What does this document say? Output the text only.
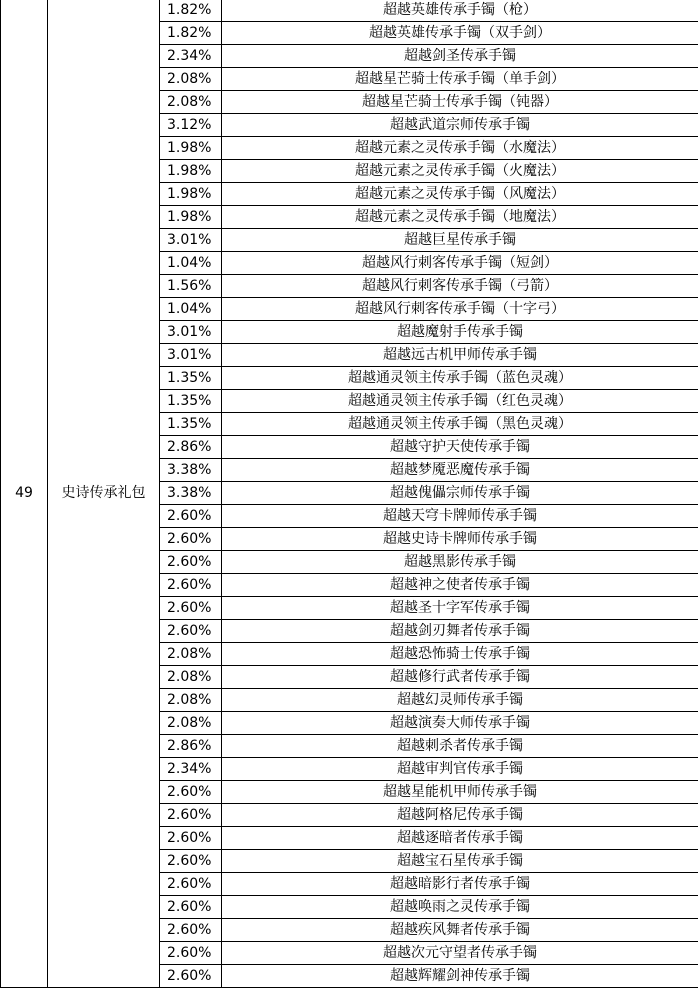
49	史诗传承礼包	1.82%	超越英雄传承手镯（枪）
		1.82%	超越英雄传承手镯（双手剑）
		2.34%	超越剑圣传承手镯
		2.08%	超越星芒骑士传承手镯（单手剑）
		2.08%	超越星芒骑士传承手镯（钝器）
		3.12%	超越武道宗师传承手镯
		1.98%	超越元素之灵传承手镯（水魔法）
		1.98%	超越元素之灵传承手镯（火魔法）
		1.98%	超越元素之灵传承手镯（风魔法）
		1.98%	超越元素之灵传承手镯（地魔法）
		3.01%	超越巨星传承手镯
		1.04%	超越风行刺客传承手镯（短剑）
		1.56%	超越风行刺客传承手镯（弓箭）
		1.04%	超越风行刺客传承手镯（十字弓）
		3.01%	超越魔射手传承手镯
		3.01%	超越远古机甲师传承手镯
		1.35%	超越通灵领主传承手镯（蓝色灵魂）
		1.35%	超越通灵领主传承手镯（红色灵魂）
		1.35%	超越通灵领主传承手镯（黑色灵魂）
		2.86%	超越守护天使传承手镯
		3.38%	超越梦魇恶魔传承手镯
		3.38%	超越傀儡宗师传承手镯
		2.60%	超越天穹卡牌师传承手镯
		2.60%	超越史诗卡牌师传承手镯
		2.60%	超越黑影传承手镯
		2.60%	超越神之使者传承手镯
		2.60%	超越圣十字军传承手镯
		2.60%	超越剑刃舞者传承手镯
		2.08%	超越恐怖骑士传承手镯
		2.08%	超越修行武者传承手镯
		2.08%	超越幻灵师传承手镯
		2.08%	超越演奏大师传承手镯
		2.86%	超越刺杀者传承手镯
		2.34%	超越审判官传承手镯
		2.60%	超越星能机甲师传承手镯
		2.60%	超越阿格尼传承手镯
		2.60%	超越逐暗者传承手镯
		2.60%	超越宝石星传承手镯
		2.60%	超越暗影行者传承手镯
		2.60%	超越唤雨之灵传承手镯
		2.60%	超越疾风舞者传承手镯
		2.60%	超越次元守望者传承手镯
		2.60%	超越辉耀剑神传承手镯
